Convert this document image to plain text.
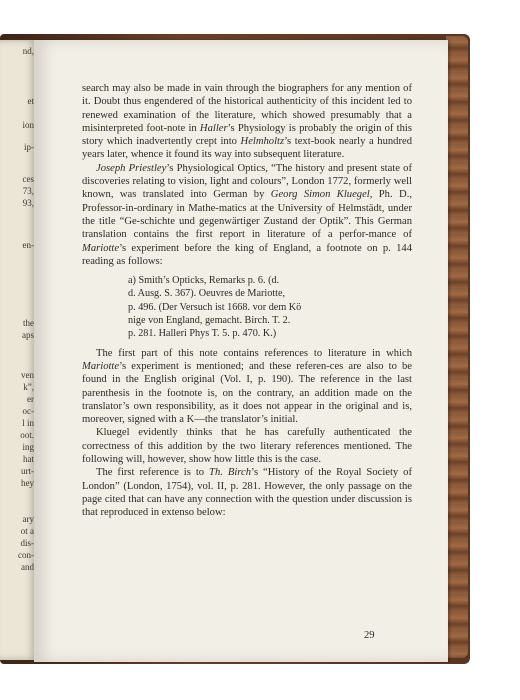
nd,
et
ion
ip-
ces
73,
93,
en-
the
aps
ven
k”,
er
oc-
l in
oot.
ing
hat
urt-
hey
ary
ot a
dis-
con-
and

search may also be made in vain through the biographers for any mention of it. Doubt thus engendered of the historical authenticity of this incident led to renewed examination of the literature, which showed presumably that a misinterpreted foot-note in Haller’s Physiology is probably the origin of this story which inadvertently crept into Helmholtz’s text-book nearly a hundred years later, whence it found its way into subsequent literature.

Joseph Priestley’s Physiological Optics, “The history and present state of discoveries relating to vision, light and colours”, London 1772, formerly well known, was translated into German by Georg Simon Kluegel, Ph. D., Professor-in-ordinary in Mathe-matics at the University of Helmstädt, under the title “Ge-schichte und gegenwärtiger Zustand der Optik”. This German translation contains the first report in literature of a perfor-mance of Mariotte’s experiment before the king of England, a footnote on p. 144 reading as follows:

a) Smith’s Opticks, Remarks p. 6. (d.
d. Ausg. S. 367). Oeuvres de Mariotte,
p. 496. (Der Versuch ist 1668. vor dem Kö
nige von England, gemacht. Birch. T. 2.
p. 281. Halleri Phys T. 5. p. 470. K.)

The first part of this note contains references to literature in which Mariotte’s experiment is mentioned; and these referen-ces are also to be found in the English original (Vol. I, p. 190). The reference in the last parenthesis in the footnote is, on the contrary, an addition made on the translator’s own responsibility, as it does not appear in the original and is, moreover, signed with a K—the translator’s initial.

Kluegel evidently thinks that he has carefully authenticated the correctness of this addition by the two literary references mentioned. The following will, however, show how little this is the case.

The first reference is to Th. Birch’s “History of the Royal Society of London” (London, 1754), vol. II, p. 281. However, the only passage on the page cited that can have any connection with the question under discussion is that reproduced in extenso below:

29
